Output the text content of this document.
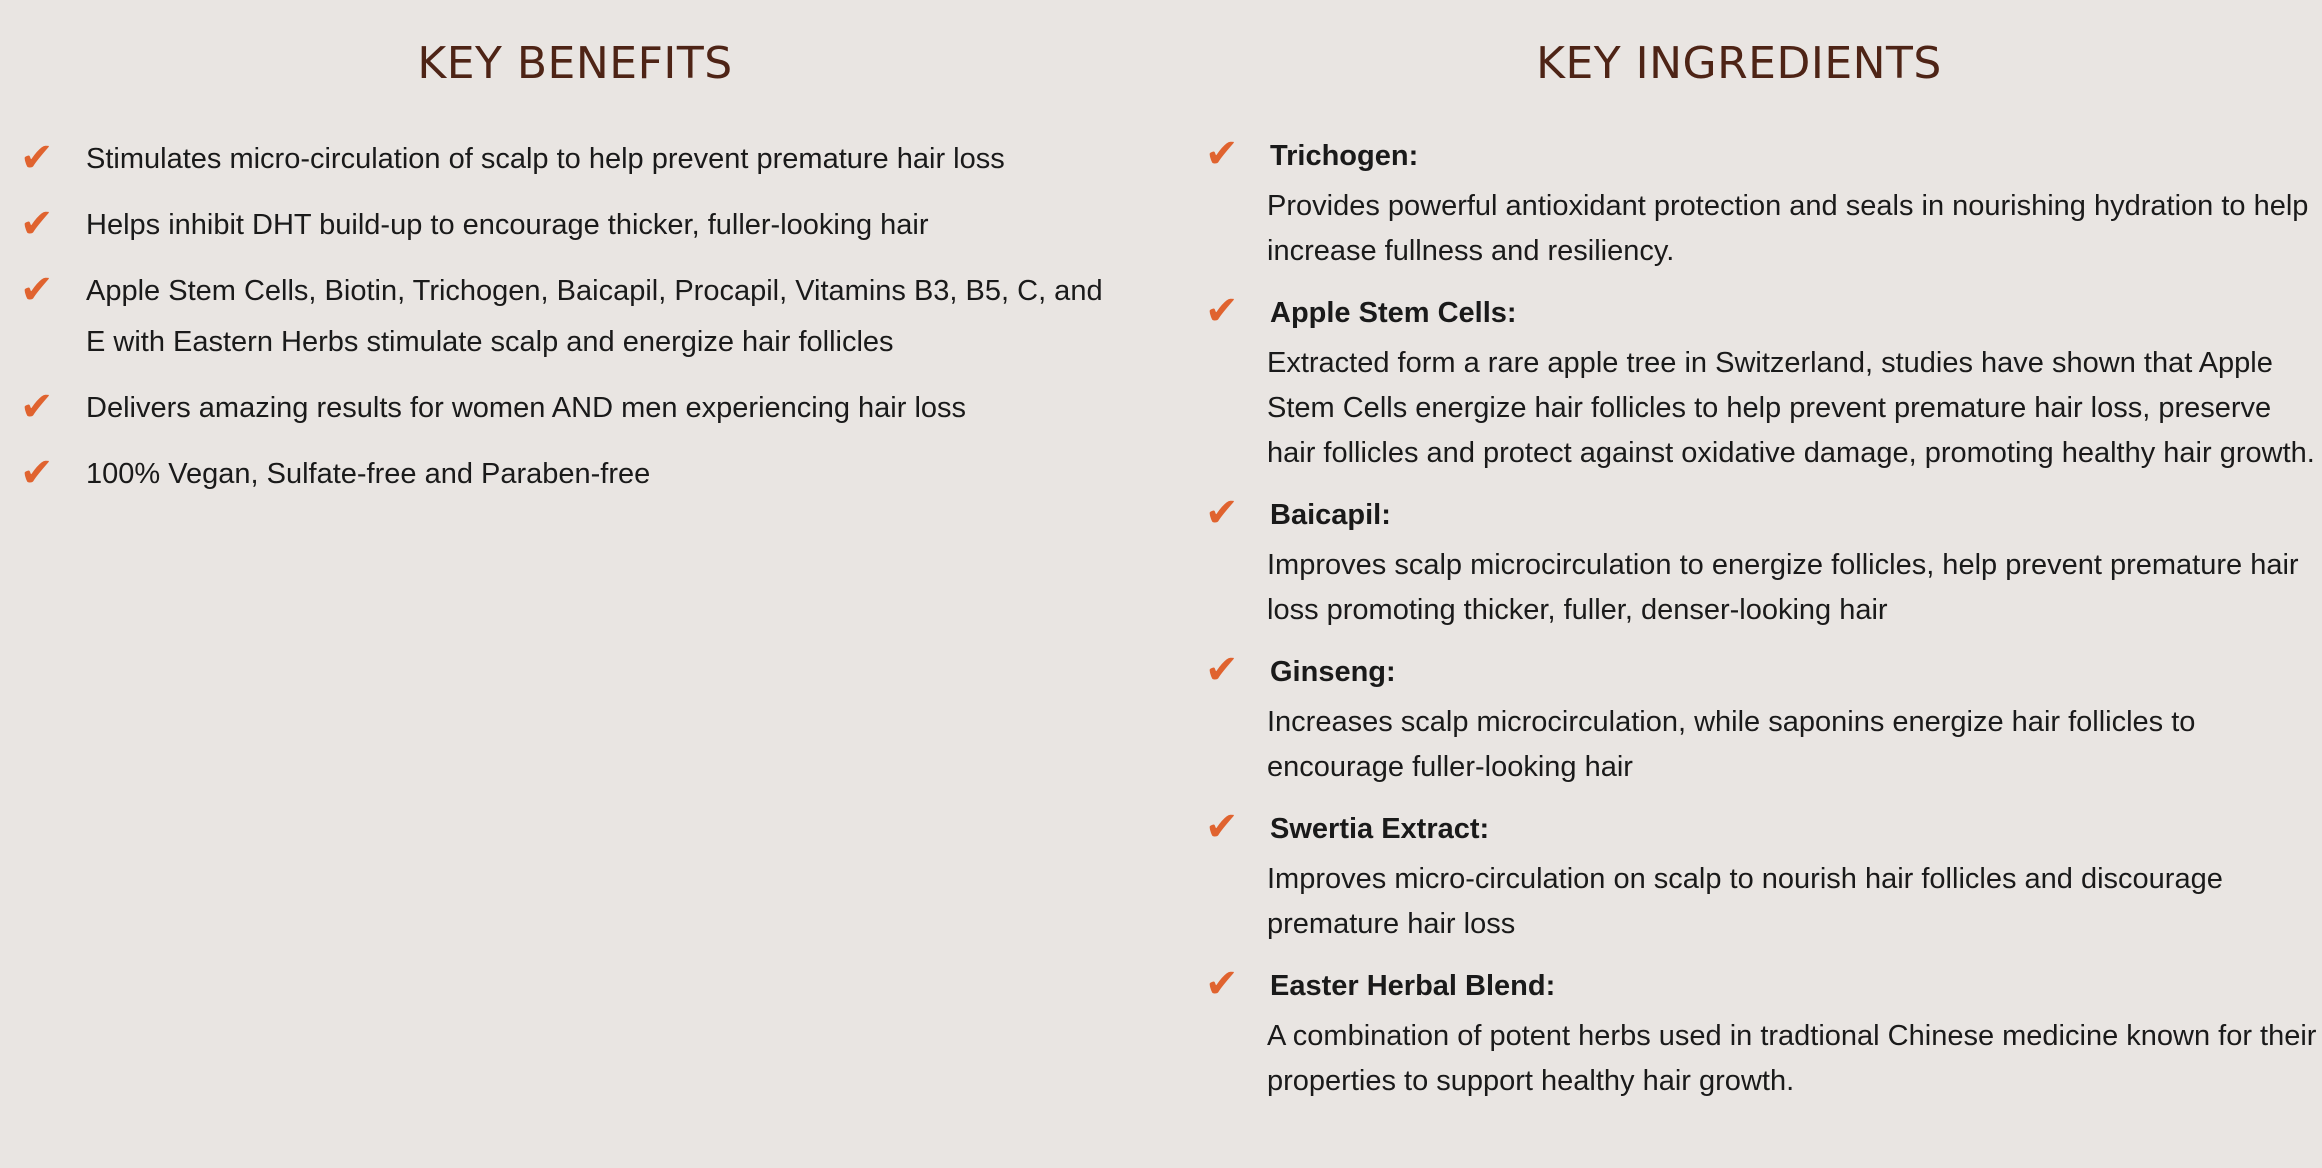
KEY BENEFITS
✔ Stimulates micro-circulation of scalp to help prevent premature hair loss
✔ Helps inhibit DHT build-up to encourage thicker, fuller-looking hair
✔ Apple Stem Cells, Biotin, Trichogen, Baicapil, Procapil, Vitamins B3, B5, C, and E with Eastern Herbs stimulate scalp and energize hair follicles
✔ Delivers amazing results for women AND men experiencing hair loss
✔ 100% Vegan, Sulfate-free and Paraben-free
KEY INGREDIENTS
✔ Trichogen:
Provides powerful antioxidant protection and seals in nourishing hydration to help increase fullness and resiliency.
✔ Apple Stem Cells:
Extracted form a rare apple tree in Switzerland, studies have shown that Apple Stem Cells energize hair follicles to help prevent premature hair loss, preserve hair follicles and protect against oxidative damage, promoting healthy hair growth.
✔ Baicapil:
Improves scalp microcirculation to energize follicles, help prevent premature hair loss promoting thicker, fuller, denser-looking hair
✔ Ginseng:
Increases scalp microcirculation, while saponins energize hair follicles to encourage fuller-looking hair
✔ Swertia Extract:
Improves micro-circulation on scalp to nourish hair follicles and discourage premature hair loss
✔ Easter Herbal Blend:
A combination of potent herbs used in tradtional Chinese medicine known for their properties to support healthy hair growth.
